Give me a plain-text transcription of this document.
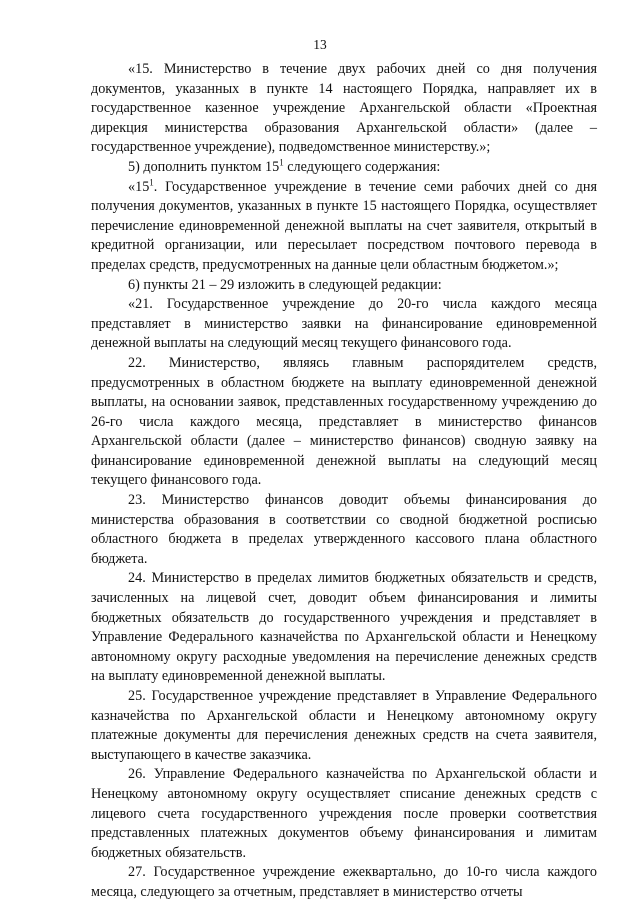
13

«15. Министерство в течение двух рабочих дней со дня получения документов, указанных в пункте 14 настоящего Порядка, направляет их в государственное казенное учреждение Архангельской области «Проектная дирекция министерства образования Архангельской области» (далее – государственное учреждение), подведомственное министерству.»;

5) дополнить пунктом $15^1$ следующего содержания:

«$15^1$. Государственное учреждение в течение семи рабочих дней со дня получения документов, указанных в пункте 15 настоящего Порядка, осуществляет перечисление единовременной денежной выплаты на счет заявителя, открытый в кредитной организации, или пересылает посредством почтового перевода в пределах средств, предусмотренных на данные цели областным бюджетом.»;

6) пункты 21 – 29 изложить в следующей редакции:

«21. Государственное учреждение до 20-го числа каждого месяца представляет в министерство заявки на финансирование единовременной денежной выплаты на следующий месяц текущего финансового года.

22. Министерство, являясь главным распорядителем средств, предусмотренных в областном бюджете на выплату единовременной денежной выплаты, на основании заявок, представленных государственному учреждению до 26-го числа каждого месяца, представляет в министерство финансов Архангельской области (далее – министерство финансов) сводную заявку на финансирование единовременной денежной выплаты на следующий месяц текущего финансового года.

23. Министерство финансов доводит объемы финансирования до министерства образования в соответствии со сводной бюджетной росписью областного бюджета в пределах утвержденного кассового плана областного бюджета.

24. Министерство в пределах лимитов бюджетных обязательств и средств, зачисленных на лицевой счет, доводит объем финансирования и лимиты бюджетных обязательств до государственного учреждения и представляет в Управление Федерального казначейства по Архангельской области и Ненецкому автономному округу расходные уведомления на перечисление денежных средств на выплату единовременной денежной выплаты.

25. Государственное учреждение представляет в Управление Федерального казначейства по Архангельской области и Ненецкому автономному округу платежные документы для перечисления денежных средств на счета заявителя, выступающего в качестве заказчика.

26. Управление Федерального казначейства по Архангельской области и Ненецкому автономному округу осуществляет списание денежных средств с лицевого счета государственного учреждения после проверки соответствия представленных платежных документов объему финансирования и лимитам бюджетных обязательств.

27. Государственное учреждение ежеквартально, до 10-го числа каждого месяца, следующего за отчетным, представляет в министерство отчеты
